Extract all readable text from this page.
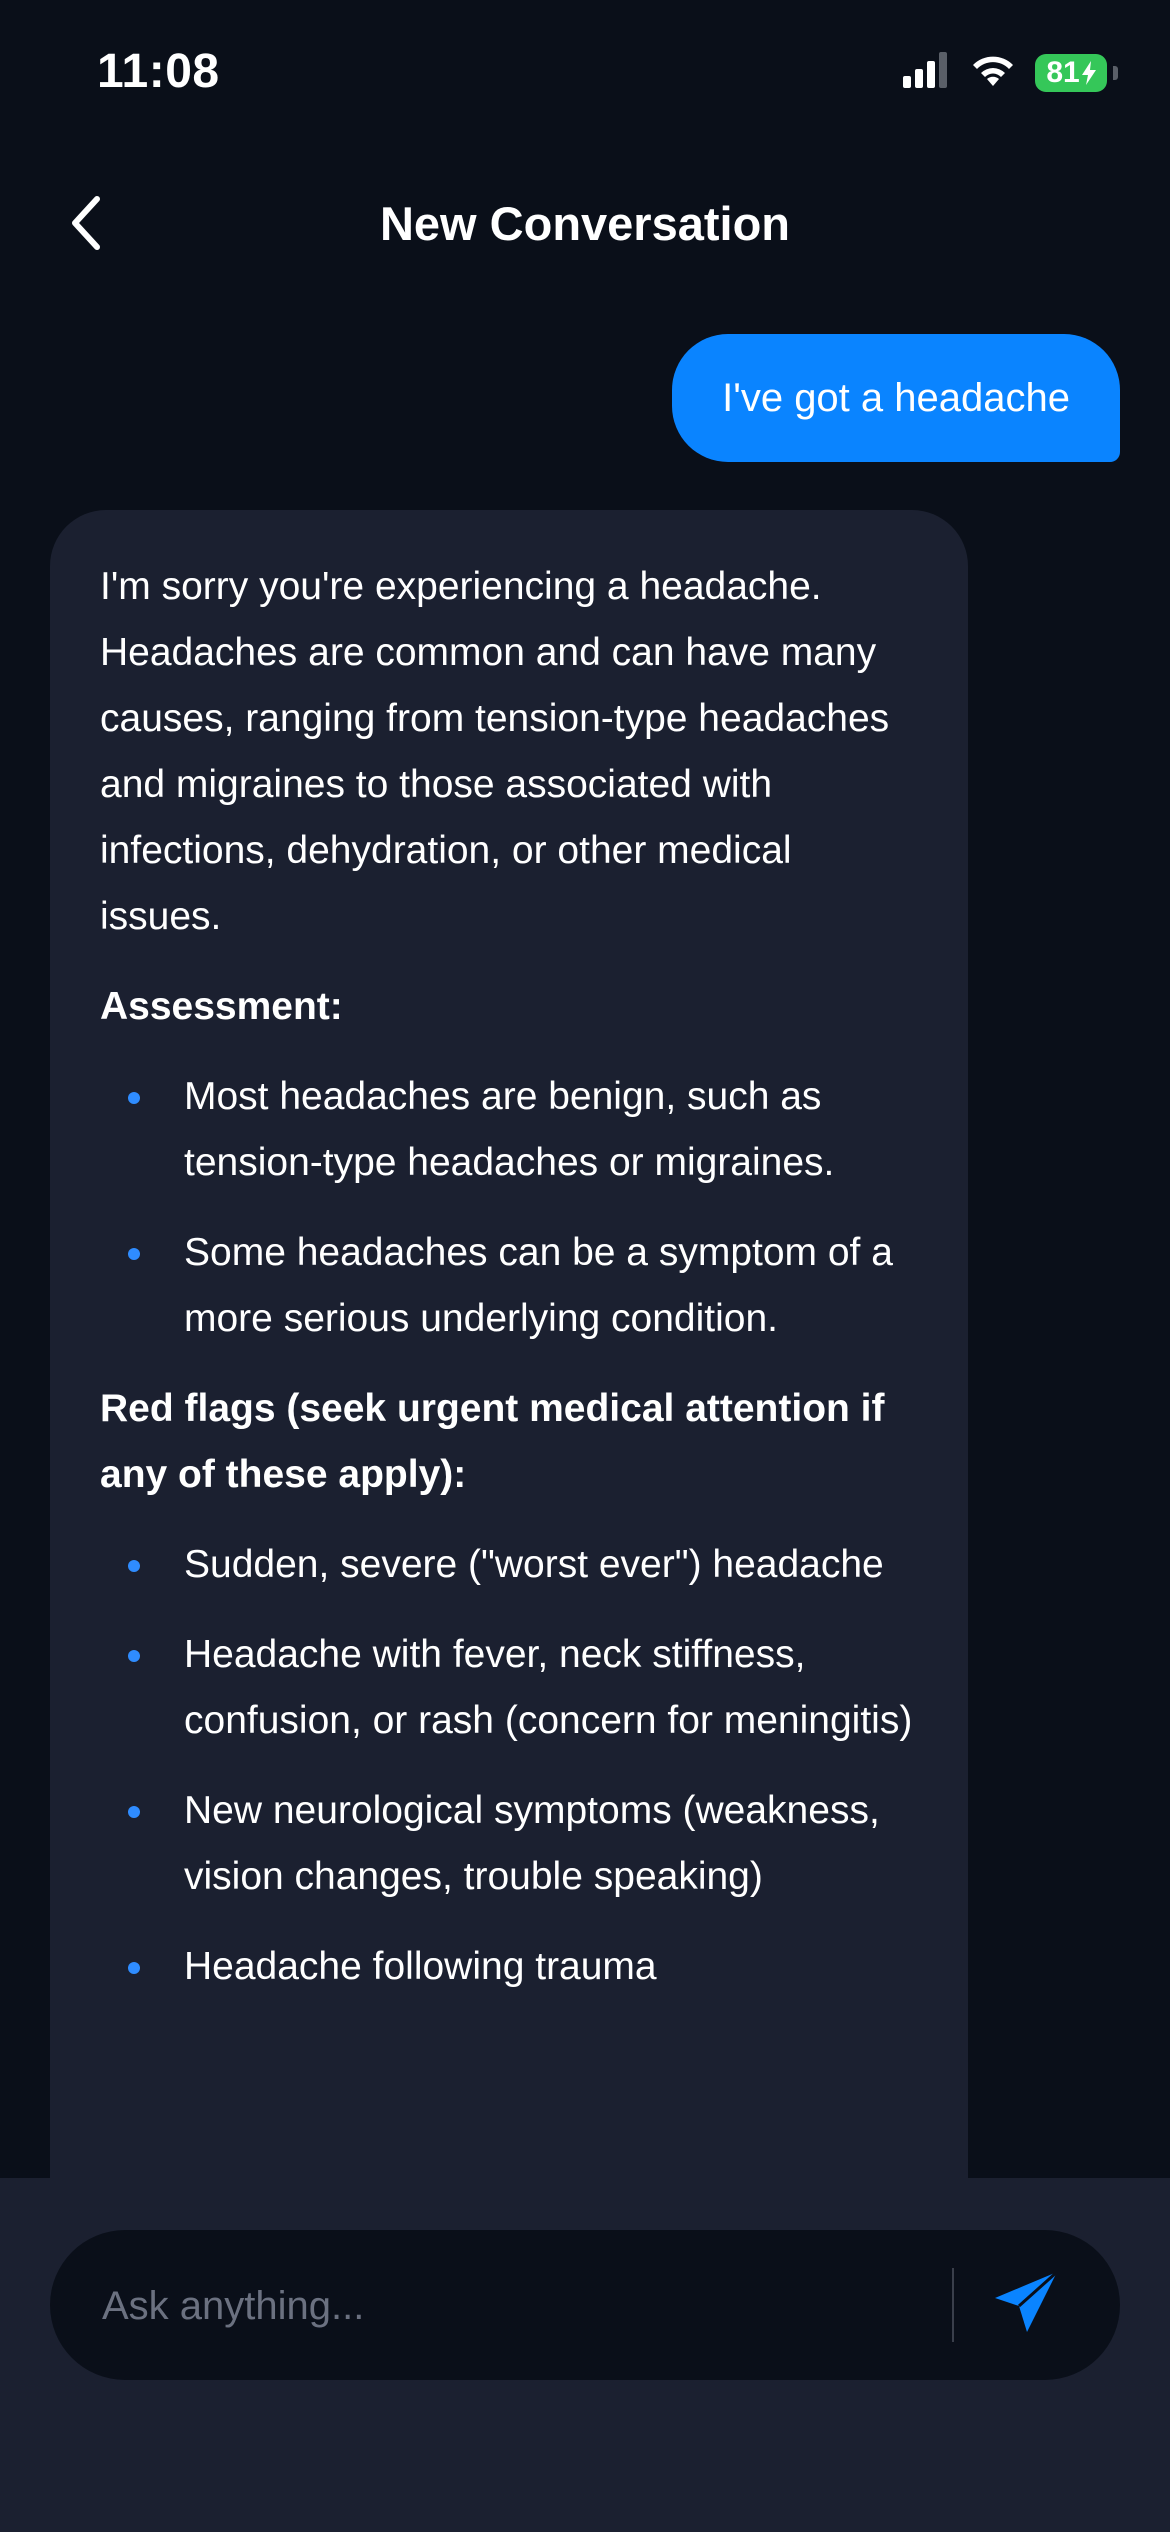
11:08	81
New Conversation
I've got a headache

I'm sorry you're experiencing a headache. Headaches are common and can have many causes, ranging from tension-type headaches and migraines to those associated with infections, dehydration, or other medical issues.

Assessment:

Most headaches are benign, such as tension-type headaches or migraines.
Some headaches can be a symptom of a more serious underlying condition.

Red flags (seek urgent medical attention if any of these apply):

Sudden, severe ("worst ever") headache
Headache with fever, neck stiffness, confusion, or rash (concern for meningitis)
New neurological symptoms (weakness, vision changes, trouble speaking)
Headache following trauma
Ask anything...
